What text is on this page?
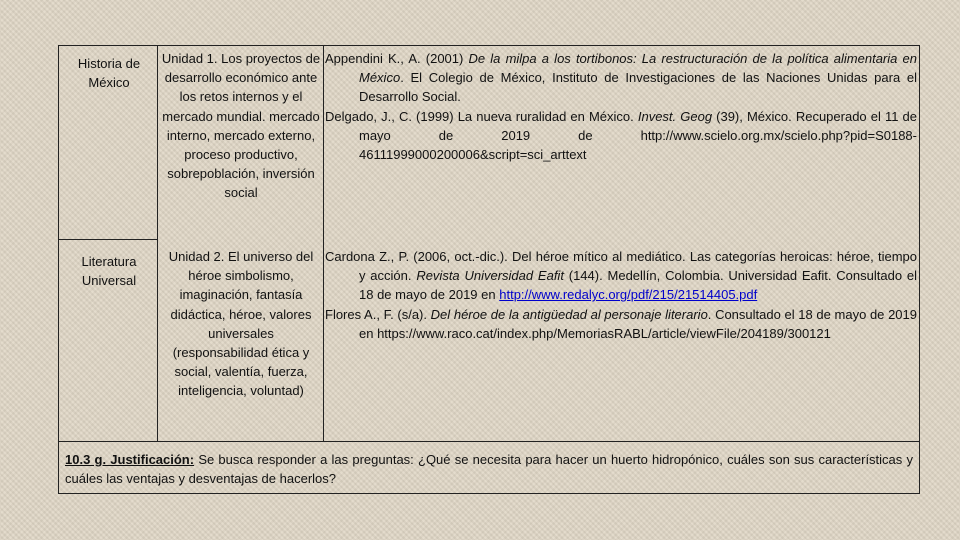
Historia de México
Unidad 1. Los proyectos de desarrollo económico ante los retos internos y el mercado mundial. mercado interno, mercado externo, proceso productivo, sobrepoblación, inversión social
Appendini K., A. (2001) De la milpa a los tortibonos: La restructuración de la política alimentaria en México. El Colegio de México, Instituto de Investigaciones de las Naciones Unidas para el Desarrollo Social.
Delgado, J., C. (1999) La nueva ruralidad en México. Invest. Geog (39), México. Recuperado el 11 de mayo de 2019 de http://www.scielo.org.mx/scielo.php?pid=S0188-46111999000200006&script=sci_arttext
Literatura Universal
Unidad 2. El universo del héroe simbolismo, imaginación, fantasía didáctica, héroe, valores universales (responsabilidad ética y social, valentía, fuerza, inteligencia, voluntad)
Cardona Z., P. (2006, oct.-dic.). Del héroe mítico al mediático. Las categorías heroicas: héroe, tiempo y acción. Revista Universidad Eafit (144). Medellín, Colombia. Universidad Eafit. Consultado el 18 de mayo de 2019 en http://www.redalyc.org/pdf/215/21514405.pdf
Flores A., F. (s/a). Del héroe de la antigüedad al personaje literario. Consultado el 18 de mayo de 2019 en https://www.raco.cat/index.php/MemoriasRABL/article/viewFile/204189/300121
10.3 g. Justificación: Se busca responder a las preguntas: ¿Qué se necesita para hacer un huerto hidropónico, cuáles son sus características y cuáles las ventajas y desventajas de hacerlos?
